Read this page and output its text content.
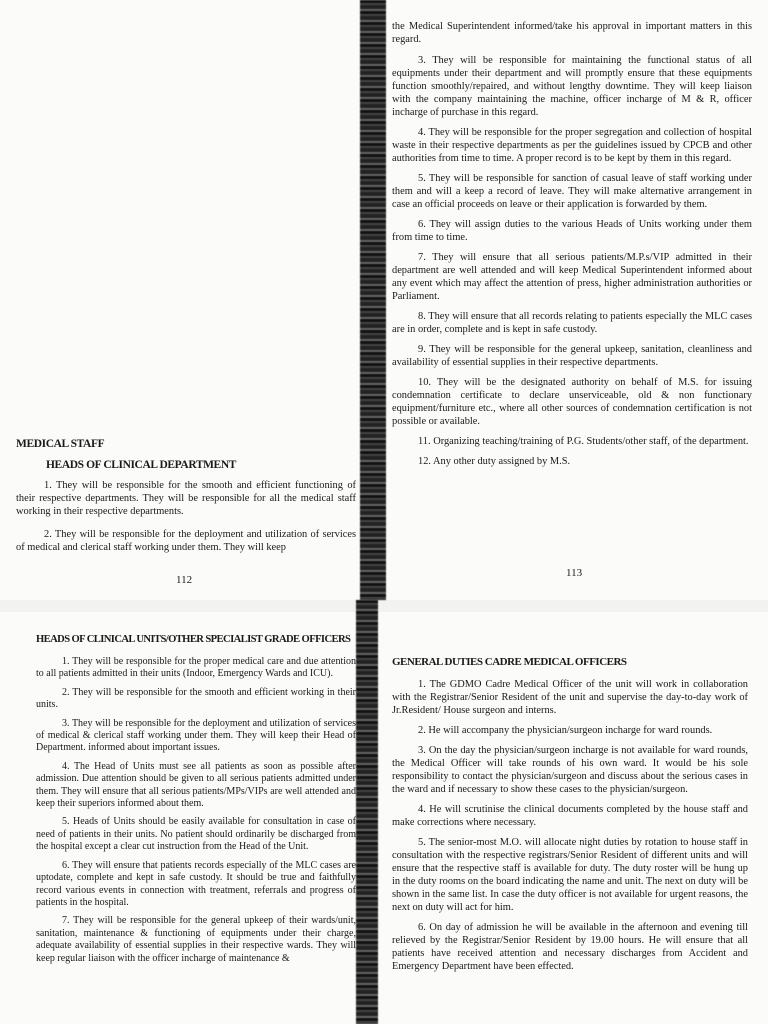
MEDICAL STAFF
HEADS OF CLINICAL DEPARTMENT

1. They will be responsible for the smooth and efficient functioning of their respective departments. They will be responsible for all the medical staff working in their respective departments.

2. They will be responsible for the deployment and utilization of services of medical and clerical staff working under them. They will keep

112

the Medical Superintendent informed/take his approval in important matters in this regard.

3. They will be responsible for maintaining the functional status of all equipments under their department and will promptly ensure that these equipments function smoothly/repaired, and without lengthy downtime. They will keep liaison with the company maintaining the machine, officer incharge of M & R, officer incharge of purchase in this regard.

4. They will be responsible for the proper segregation and collection of hospital waste in their respective departments as per the guidelines issued by CPCB and other authorities from time to time. A proper record is to be kept by them in this regard.

5. They will be responsible for sanction of casual leave of staff working under them and will a keep a record of leave. They will make alternative arrangement in case an official proceeds on leave or their application is forwarded by them.

6. They will assign duties to the various Heads of Units working under them from time to time.

7. They will ensure that all serious patients/M.P.s/VIP admitted in their department are well attended and will keep Medical Superintendent informed about any event which may affect the attention of press, higher administration authorities or Parliament.

8. They will ensure that all records relating to patients especially the MLC cases are in order, complete and is kept in safe custody.

9. They will be responsible for the general upkeep, sanitation, cleanliness and availability of essential supplies in their respective departments.

10. They will be the designated authority on behalf of M.S. for issuing condemnation certificate to declare unserviceable, old & non functionary equipment/furniture etc., where all other sources of condemnation certification is not possible or available.

11. Organizing teaching/training of P.G. Students/other staff, of the department.

12. Any other duty assigned by M.S.

113
HEADS OF CLINICAL UNITS/OTHER SPECIALIST GRADE OFFICERS

1. They will be responsible for the proper medical care and due attention to all patients admitted in their units (Indoor, Emergency Wards and ICU).

2. They will be responsible for the smooth and efficient working in their units.

3. They will be responsible for the deployment and utilization of services of medical & clerical staff working under them. They will keep their Head of Department. informed about important issues.

4. The Head of Units must see all patients as soon as possible after admission. Due attention should be given to all serious patients admitted under them. They will ensure that all serious patients/MPs/VIPs are well attended and keep their superiors informed about them.

5. Heads of Units should be easily available for consultation in case of need of patients in their units. No patient should ordinarily be discharged from the hospital except a clear cut instruction from the Head of the Unit.

6. They will ensure that patients records especially of the MLC cases are uptodate, complete and kept in safe custody. It should be true and faithfully record various events in connection with treatment, referrals and progress of patients in the hospital.

7. They will be responsible for the general upkeep of their wards/unit, sanitation, maintenance & functioning of equipments under their charge, adequate availability of essential supplies in their respective wards. They will keep regular liaison with the officer incharge of maintenance &

GENERAL DUTIES CADRE MEDICAL OFFICERS

1. The GDMO Cadre Medical Officer of the unit will work in collaboration with the Registrar/Senior Resident of the unit and supervise the day-to-day work of Jr.Resident/ House surgeon and interns.

2. He will accompany the physician/surgeon incharge for ward rounds.

3. On the day the physician/surgeon incharge is not available for ward rounds, the Medical Officer will take rounds of his own ward. It would be his sole responsibility to contact the physician/surgeon and discuss about the serious cases in the ward and if necessary to show these cases to the physician/surgeon.

4. He will scrutinise the clinical documents completed by the house staff and make corrections where necessary.

5. The senior-most M.O. will allocate night duties by rotation to house staff in consultation with the respective registrars/Senior Resident of different units and will ensure that the respective staff is available for duty. The duty roster will be hung up in the duty rooms on the board indicating the name and unit. The next on duty will be shown in the same list. In case the duty officer is not available for urgent reasons, the next on duty will act for him.

6. On day of admission he will be available in the afternoon and evening till relieved by the Registrar/Senior Resident by 19.00 hours. He will ensure that all patients have received attention and necessary discharges from Accident and Emergency Department have been effected.
